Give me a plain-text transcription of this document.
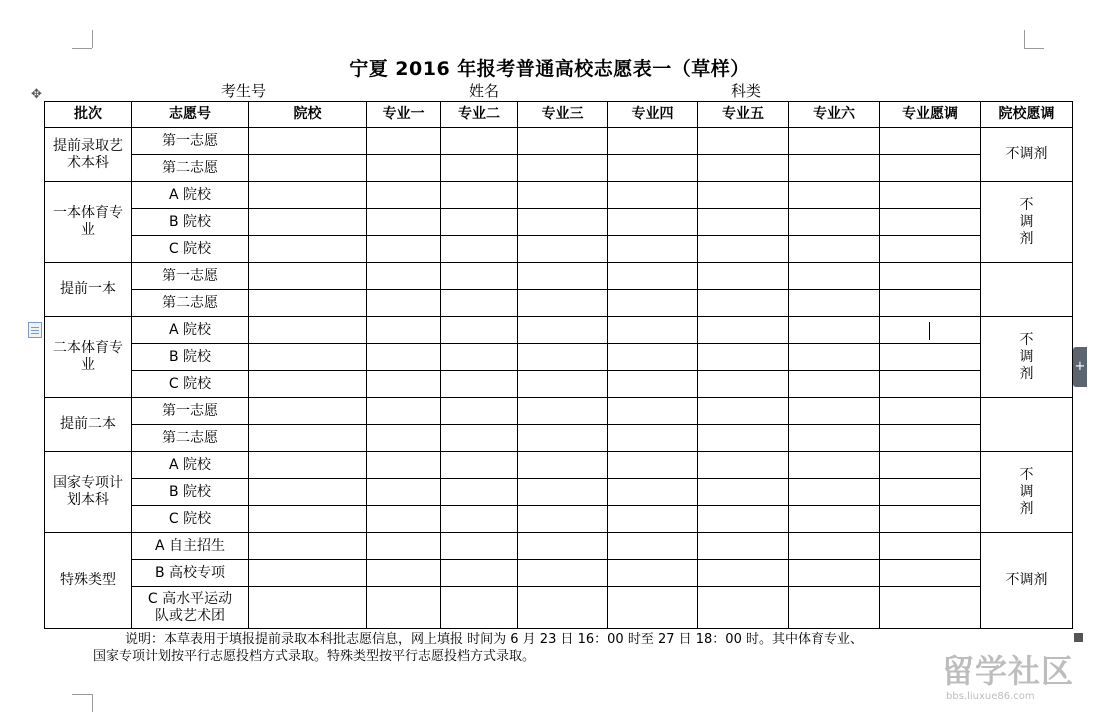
✥
+
宁夏 2016 年报考普通高校志愿表一（草样）
考生号	姓名	科类
批次	志愿号	院校	专业一	专业二	专业三	专业四	专业五	专业六	专业愿调	院校愿调
提前录取艺术本科	第一志愿									不调剂
	第二志愿									
一本体育专业	A 院校									不调剂
	B 院校									
	C 院校									
提前一本	第一志愿									
	第二志愿									
二本体育专业	A 院校									不调剂
	B 院校									
	C 院校									
提前二本	第一志愿									
	第二志愿									
国家专项计划本科	A 院校									不调剂
	B 院校									
	C 院校									
特殊类型	A 自主招生									不调剂
	B 高校专项									
	C 高水平运动队或艺术团									
说明：本草表用于填报提前录取本科批志愿信息，网上填报 时间为 6 月 23 日 16：00 时至 27 日 18：00 时。其中体育专业、
国家专项计划按平行志愿投档方式录取。特殊类型按平行志愿投档方式录取。	留学社区
bbs.liuxue86.com
